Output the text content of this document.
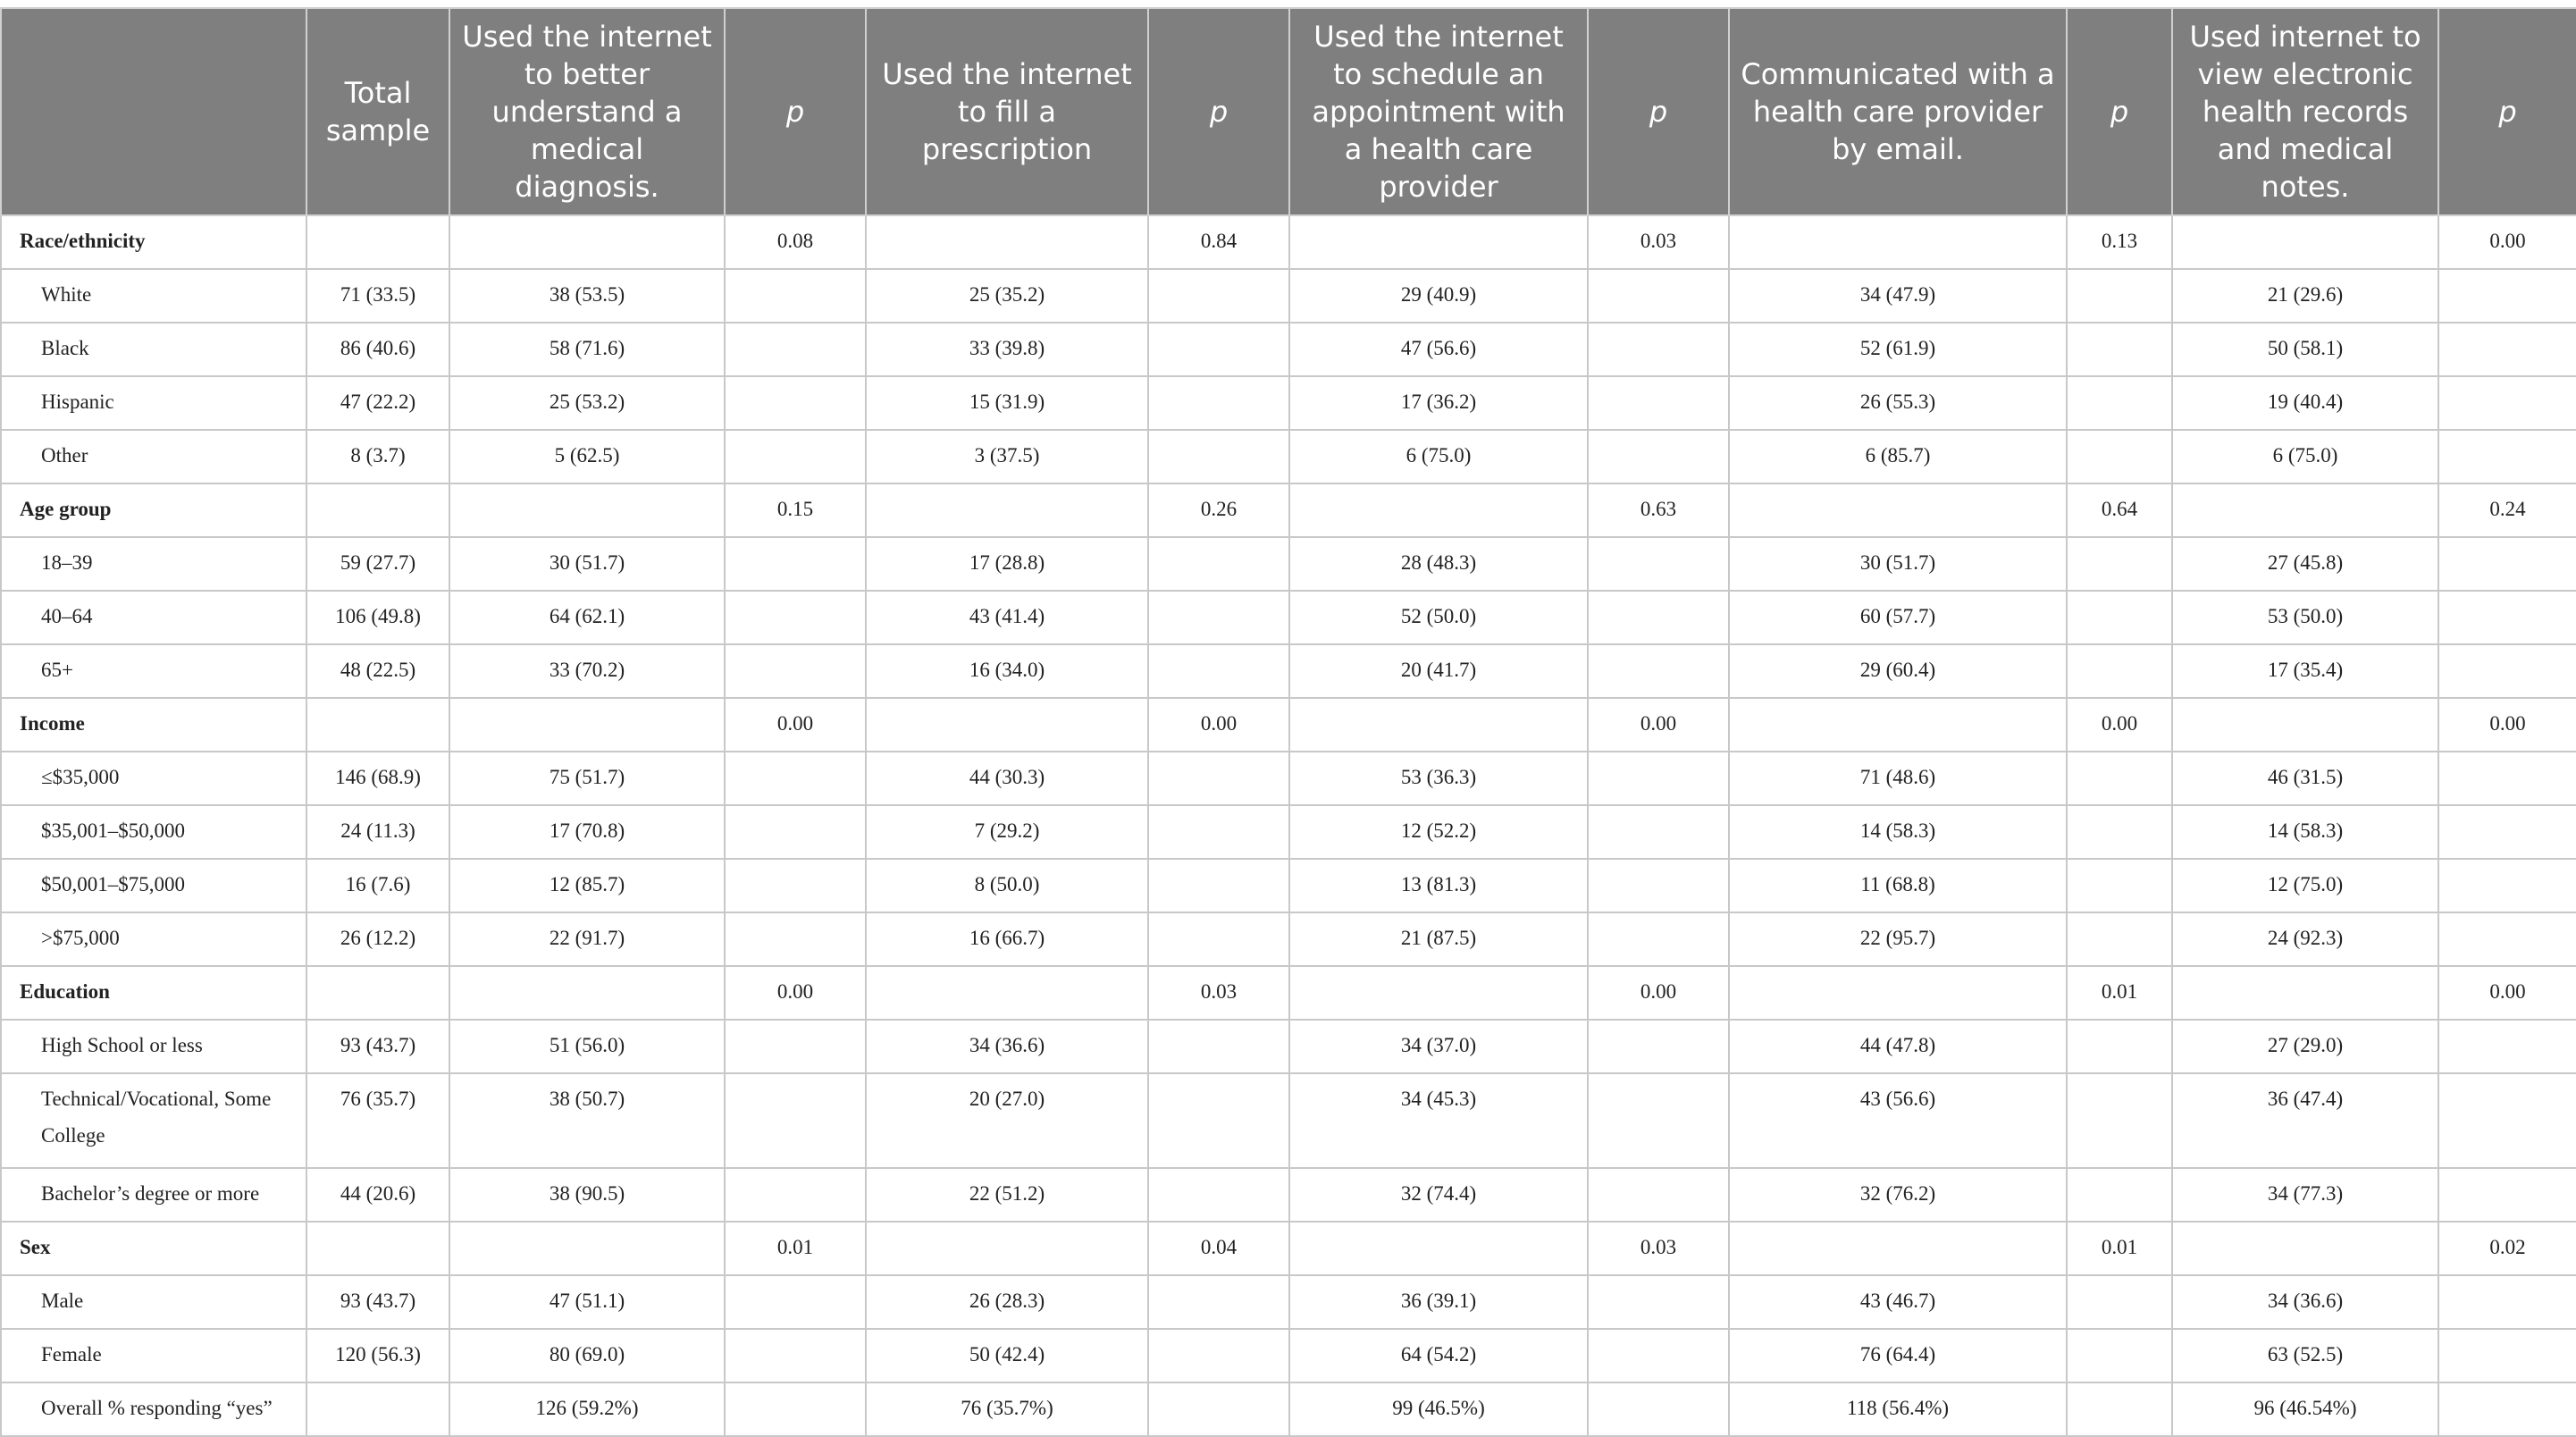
	Total sample	Used the internet to better understand a medical diagnosis.	p	Used the internet to fill a prescription	p	Used the internet to schedule an appointment with a health care provider	p	Communicated with a health care provider by email.	p	Used internet to view electronic health records and medical notes.	p
Race/ethnicity			0.08		0.84		0.03		0.13		0.00
White	71 (33.5)	38 (53.5)		25 (35.2)		29 (40.9)		34 (47.9)		21 (29.6)	
Black	86 (40.6)	58 (71.6)		33 (39.8)		47 (56.6)		52 (61.9)		50 (58.1)	
Hispanic	47 (22.2)	25 (53.2)		15 (31.9)		17 (36.2)		26 (55.3)		19 (40.4)	
Other	8 (3.7)	5 (62.5)		3 (37.5)		6 (75.0)		6 (85.7)		6 (75.0)	
Age group			0.15		0.26		0.63		0.64		0.24
18–39	59 (27.7)	30 (51.7)		17 (28.8)		28 (48.3)		30 (51.7)		27 (45.8)	
40–64	106 (49.8)	64 (62.1)		43 (41.4)		52 (50.0)		60 (57.7)		53 (50.0)	
65+	48 (22.5)	33 (70.2)		16 (34.0)		20 (41.7)		29 (60.4)		17 (35.4)	
Income			0.00		0.00		0.00		0.00		0.00
≤$35,000	146 (68.9)	75 (51.7)		44 (30.3)		53 (36.3)		71 (48.6)		46 (31.5)	
$35,001–$50,000	24 (11.3)	17 (70.8)		7 (29.2)		12 (52.2)		14 (58.3)		14 (58.3)	
$50,001–$75,000	16 (7.6)	12 (85.7)		8 (50.0)		13 (81.3)		11 (68.8)		12 (75.0)	
>$75,000	26 (12.2)	22 (91.7)		16 (66.7)		21 (87.5)		22 (95.7)		24 (92.3)	
Education			0.00		0.03		0.00		0.01		0.00
High School or less	93 (43.7)	51 (56.0)		34 (36.6)		34 (37.0)		44 (47.8)		27 (29.0)	
Technical/Vocational, Some College	76 (35.7)	38 (50.7)		20 (27.0)		34 (45.3)		43 (56.6)		36 (47.4)	
Bachelor’s degree or more	44 (20.6)	38 (90.5)		22 (51.2)		32 (74.4)		32 (76.2)		34 (77.3)	
Sex			0.01		0.04		0.03		0.01		0.02
Male	93 (43.7)	47 (51.1)		26 (28.3)		36 (39.1)		43 (46.7)		34 (36.6)	
Female	120 (56.3)	80 (69.0)		50 (42.4)		64 (54.2)		76 (64.4)		63 (52.5)	
Overall % responding “yes”		126 (59.2%)		76 (35.7%)		99 (46.5%)		118 (56.4%)		96 (46.54%)	
